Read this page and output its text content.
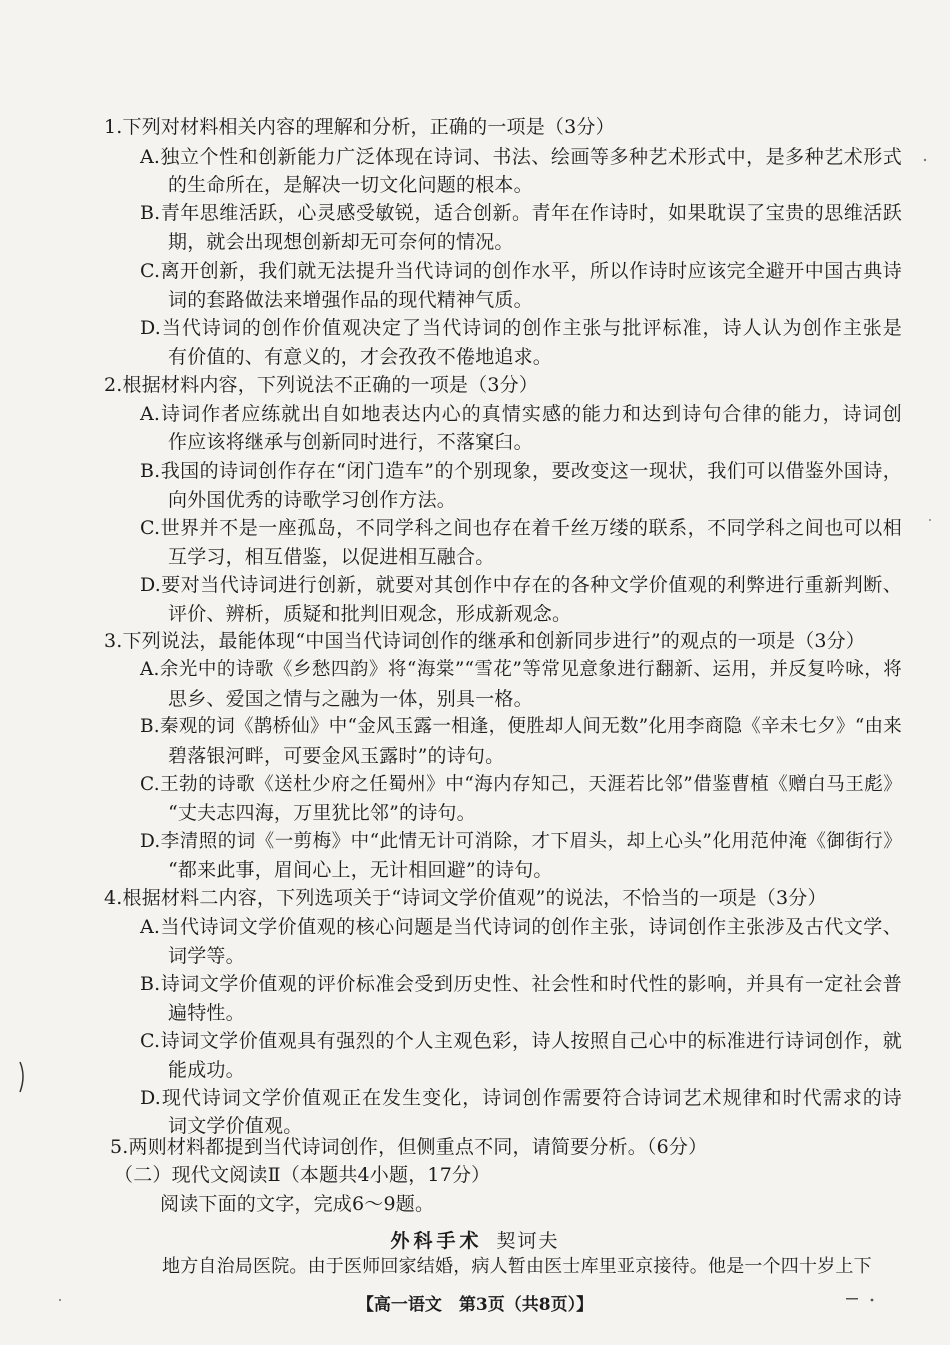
1.下列对材料相关内容的理解和分析，正确的一项是（3分）
A.独立个性和创新能力广泛体现在诗词、书法、绘画等多种艺术形式中，是多种艺术形式
的生命所在，是解决一切文化问题的根本。
B.青年思维活跃，心灵感受敏锐，适合创新。青年在作诗时，如果耽误了宝贵的思维活跃
期，就会出现想创新却无可奈何的情况。
C.离开创新，我们就无法提升当代诗词的创作水平，所以作诗时应该完全避开中国古典诗
词的套路做法来增强作品的现代精神气质。
D.当代诗词的创作价值观决定了当代诗词的创作主张与批评标准，诗人认为创作主张是
有价值的、有意义的，才会孜孜不倦地追求。
2.根据材料内容，下列说法不正确的一项是（3分）
A.诗词作者应练就出自如地表达内心的真情实感的能力和达到诗句合律的能力，诗词创
作应该将继承与创新同时进行，不落窠臼。
B.我国的诗词创作存在“闭门造车”的个别现象，要改变这一现状，我们可以借鉴外国诗，
向外国优秀的诗歌学习创作方法。
C.世界并不是一座孤岛，不同学科之间也存在着千丝万缕的联系，不同学科之间也可以相
互学习，相互借鉴，以促进相互融合。
D.要对当代诗词进行创新，就要对其创作中存在的各种文学价值观的利弊进行重新判断、
评价、辨析，质疑和批判旧观念，形成新观念。
3.下列说法，最能体现“中国当代诗词创作的继承和创新同步进行”的观点的一项是（3分）
A.余光中的诗歌《乡愁四韵》将“海棠”“雪花”等常见意象进行翻新、运用，并反复吟咏，将
思乡、爱国之情与之融为一体，别具一格。
B.秦观的词《鹊桥仙》中“金风玉露一相逢，便胜却人间无数”化用李商隐《辛未七夕》“由来
碧落银河畔，可要金风玉露时”的诗句。
C.王勃的诗歌《送杜少府之任蜀州》中“海内存知己，天涯若比邻”借鉴曹植《赠白马王彪》
“丈夫志四海，万里犹比邻”的诗句。
D.李清照的词《一剪梅》中“此情无计可消除，才下眉头，却上心头”化用范仲淹《御街行》
“都来此事，眉间心上，无计相回避”的诗句。
4.根据材料二内容，下列选项关于“诗词文学价值观”的说法，不恰当的一项是（3分）
A.当代诗词文学价值观的核心问题是当代诗词的创作主张，诗词创作主张涉及古代文学、
词学等。
B.诗词文学价值观的评价标准会受到历史性、社会性和时代性的影响，并具有一定社会普
遍特性。
C.诗词文学价值观具有强烈的个人主观色彩，诗人按照自己心中的标准进行诗词创作，就
能成功。
D.现代诗词文学价值观正在发生变化，诗词创作需要符合诗词艺术规律和时代需求的诗
词文学价值观。
5.两则材料都提到当代诗词创作，但侧重点不同，请简要分析。（6分）
（二）现代文阅读Ⅱ（本题共4小题，17分）
阅读下面的文字，完成6～9题。
外科手术 契诃夫
地方自治局医院。由于医师回家结婚，病人暂由医士库里亚京接待。他是一个四十岁上下
【高一语文　第3页（共8页）】
